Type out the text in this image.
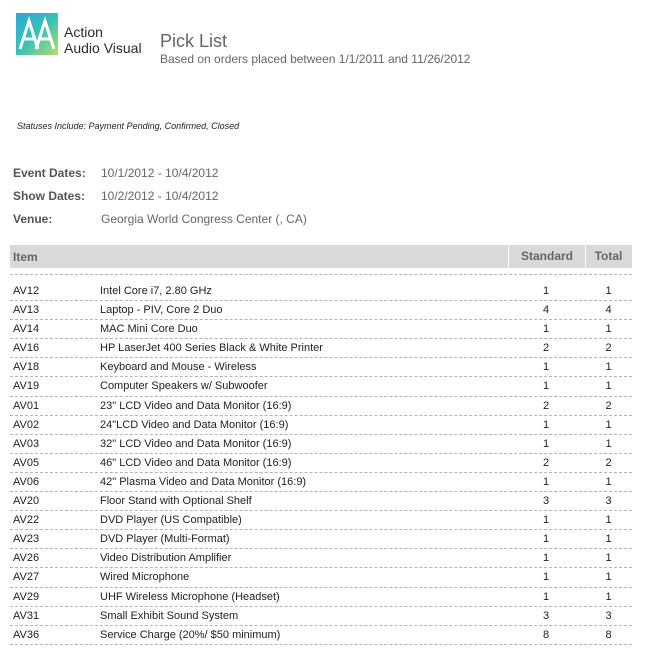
Action
Audio Visual Pick List
Based on orders placed between 1/1/2011 and 11/26/2012
Statuses Include: Payment Pending, Confirmed, Closed
Event Dates: 10/1/2012 - 10/4/2012
Show Dates: 10/2/2012 - 10/4/2012
Venue:	Georgia World Congress Center (, CA)
Item	Standard	Total
AV12	Intel Core i7, 2.80 GHz	1	1
AV13	Laptop - PIV, Core 2 Duo	4	4
AV14	MAC Mini Core Duo	1	1
AV16	HP LaserJet 400 Series Black & White Printer	2	2
AV18	Keyboard and Mouse - Wireless	1	1
AV19	Computer Speakers w/ Subwoofer	1	1
AV01	23" LCD Video and Data Monitor (16:9)	2	2
AV02	24"LCD Video and Data Monitor (16:9)	1	1
AV03	32" LCD Video and Data Monitor (16:9)	1	1
AV05	46" LCD Video and Data Monitor (16:9)	2	2
AV06	42" Plasma Video and Data Monitor (16:9)	1	1
AV20	Floor Stand with Optional Shelf	3	3
AV22	DVD Player (US Compatible)	1	1
AV23	DVD Player (Multi-Format)	1	1
AV26	Video Distribution Amplifier	1	1
AV27	Wired Microphone	1	1
AV29	UHF Wireless Microphone (Headset)	1	1
AV31	Small Exhibit Sound System	3	3
AV36	Service Charge (20%/ $50 minimum)	8	8
